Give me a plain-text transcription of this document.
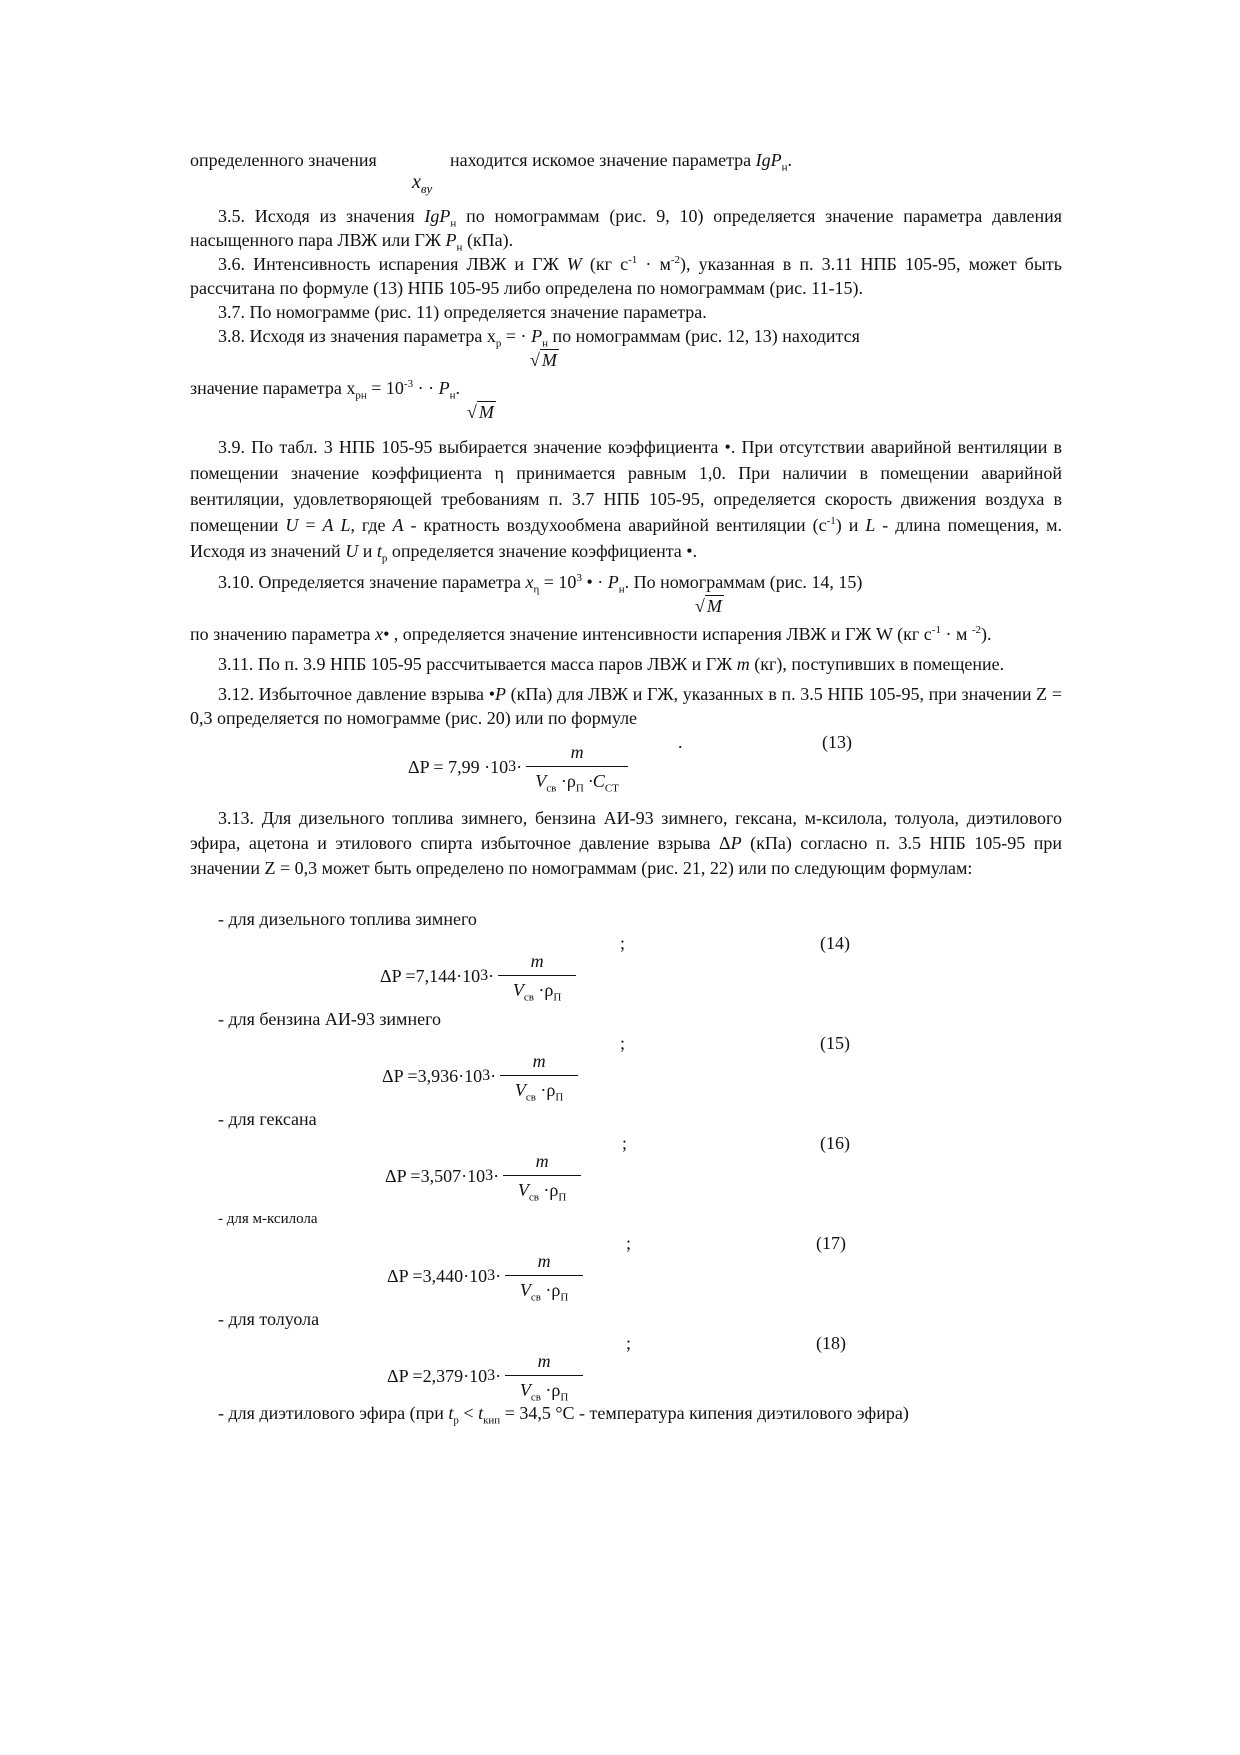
определенного значения	находится искомое значение параметра IgP$_н$.
$x_{ву}$

3.5. Исходя из значения IgP$_н$ по номограммам (рис. 9, 10) определяется значение параметра давления насыщенного пара ЛВЖ или ГЖ $P_н$ (кПа).

3.6. Интенсивность испарения ЛВЖ и ГЖ W (кг $с^{-1} \cdot м^{-2}$), указанная в п. 3.11 НПБ 105-95, может быть рассчитана по формуле (13) НПБ 105-95 либо определена по номограммам (рис. 11-15).

3.7. По номограмме (рис. 11) определяется значение параметра.

3.8. Исходя из значения параметра $x_р$ = · $P_н$ по номограммам (рис. 12, 13) находится

√ M

значение параметра $x_{рн} = 10^{-3}$ · · $P_н$.

√ M

3.9. По табл. 3 НПБ 105-95 выбирается значение коэффициента •. При отсутствии аварийной вентиляции в помещении значение коэффициента η принимается равным 1,0. При наличии в помещении аварийной вентиляции, удовлетворяющей требованиям п. 3.7 НПБ 105-95, определяется скорость движения воздуха в помещении U = A L, где A - кратность воздухообмена аварийной вентиляции $(с^{-1})$ и L - длина помещения, м. Исходя из значений U и $t_р$ определяется значение коэффициента •.

3.10. Определяется значение параметра $x_\eta = 10^3$ • · $P_н$. По номограммам (рис. 14, 15)

√ M

по значению параметра x• , определяется значение интенсивности испарения ЛВЖ и ГЖ W (кг $с^{-1} \cdot м$ $^{-2}$).

3.11. По п. 3.9 НПБ 105-95 рассчитывается масса паров ЛВЖ и ГЖ m (кг), поступивших в помещение.

3.12. Избыточное давление взрыва •P (кПа) для ЛВЖ и ГЖ, указанных в п. 3.5 НПБ 105-95, при значении Z = 0,3 определяется по номограмме (рис. 20) или по формуле

.	(13)
ΔP = 7,99 ·10 $3 \cdot \frac{m}{V_{св} \cdot\rho_П \cdot C_{СТ}}$

3.13. Для дизельного топлива зимнего, бензина АИ-93 зимнего, гексана, м-ксилола, толуола, диэтилового эфира, ацетона и этилового спирта избыточное давление взрыва ΔP (кПа) согласно п. 3.5 НПБ 105-95 при значении Z = 0,3 может быть определено по номограммам (рис. 21, 22) или по следующим формулам:

- для дизельного топлива зимнего

;	(14)
ΔP = 7,144 ·10 $3 \cdot \frac{m}{V_{св} \cdot\rho_П}$

- для бензина АИ-93 зимнего

;	(15)
ΔP = 3,936 ·10 $3 \cdot \frac{m}{V_{св} \cdot\rho_П}$

- для гексана

;	(16)
ΔP = 3,507 ·10 $3 \cdot \frac{m}{V_{св} \cdot\rho_П}$

- для м-ксилола

;	(17)
ΔP = 3,440 ·10 $3 \cdot \frac{m}{V_{св} \cdot\rho_П}$

- для толуола

;	(18)
ΔP = 2,379 ·10 $3 \cdot \frac{m}{V_{св} \cdot\rho_П}$

- для диэтилового эфира (при $t_р < t_{кип} = 34,5$ °С - температура кипения диэтилового эфира)
